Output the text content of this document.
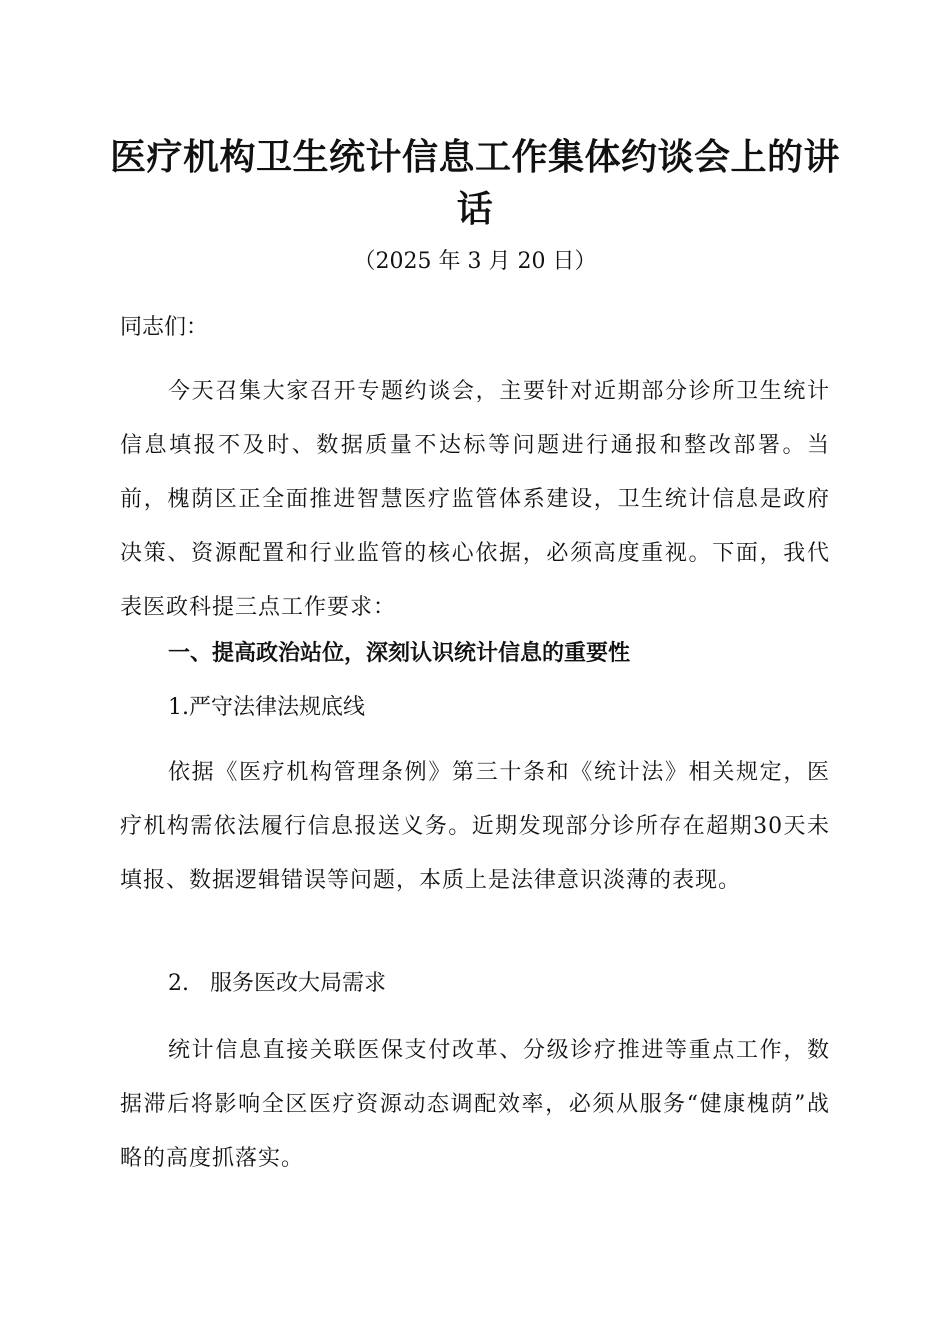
医疗机构卫生统计信息工作集体约谈会上的讲话
（2025 年 3 月 20 日）
同志们：

今天召集大家召开专题约谈会，主要针对近期部分诊所卫生统计信息填报不及时、数据质量不达标等问题进行通报和整改部署。当前，槐荫区正全面推进智慧医疗监管体系建设，卫生统计信息是政府决策、资源配置和行业监管的核心依据，必须高度重视。下面，我代表医政科提三点工作要求：

一、提高政治站位，深刻认识统计信息的重要性
1.严守法律法规底线

依据《医疗机构管理条例》第三十条和《统计法》相关规定，医疗机构需依法履行信息报送义务。近期发现部分诊所存在超期30天未填报、数据逻辑错误等问题，本质上是法律意识淡薄的表现。

2.   服务医改大局需求

统计信息直接关联医保支付改革、分级诊疗推进等重点工作，数据滞后将影响全区医疗资源动态调配效率，必须从服务“健康槐荫”战略的高度抓落实。
